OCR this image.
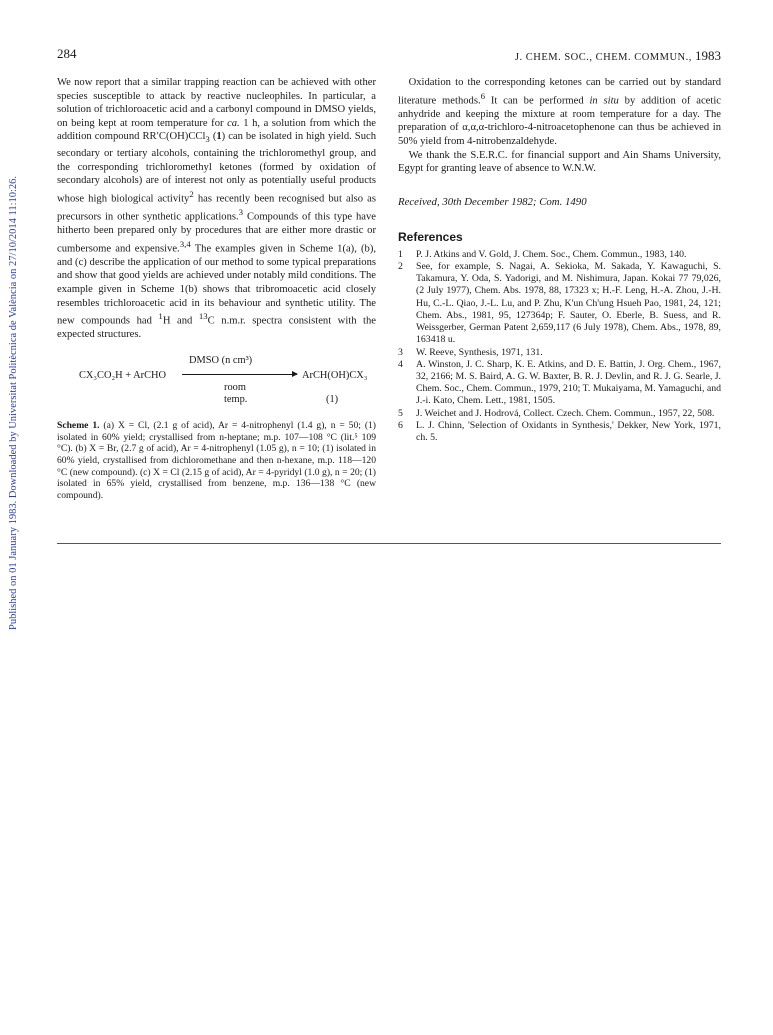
Published on 01 January 1983. Downloaded by Universitat Politècnica de València on 27/10/2014 11:10:26.
284	J. CHEM. SOC., CHEM. COMMUN., 1983

We now report that a similar trapping reaction can be achieved with other species susceptible to attack by reactive nucleophiles. In particular, a solution of trichloroacetic acid and a carbonyl compound in DMSO yields, on being kept at room temperature for ca. 1 h, a solution from which the addition compound RR′C(OH)CCl$_3$ (1) can be isolated in high yield. Such secondary or tertiary alcohols, containing the trichloromethyl group, and the corresponding trichloromethyl ketones (formed by oxidation of secondary alcohols) are of interest not only as potentially useful products whose high biological activity$^2$ has recently been recognised but also as precursors in other synthetic applications.$^3$ Compounds of this type have hitherto been prepared only by procedures that are either more drastic or cumbersome and expensive.$^{3,4}$ The examples given in Scheme 1(a), (b), and (c) describe the application of our method to some typical preparations and show that good yields are achieved under notably mild conditions. The example given in Scheme 1(b) shows that tribromoacetic acid closely resembles trichloroacetic acid in its behaviour and synthetic utility. The new compounds had $^1$H and $^{13}$C n.m.r. spectra consistent with the expected structures.

CX₃CO₂H + ArCHO
DMSO (n cm³)
ArCH(OH)CX₃
room
temp.	(1)
Scheme 1. (a) X = Cl, (2.1 g of acid), Ar = 4-nitrophenyl (1.4 g), n = 50; (1) isolated in 60% yield; crystallised from n-heptane; m.p. 107—108 °C (lit.⁵ 109 °C). (b) X = Br, (2.7 g of acid), Ar = 4-nitrophenyl (1.05 g), n = 10; (1) isolated in 60% yield, crystallised from dichloromethane and then n-hexane, m.p. 118—120 °C (new compound). (c) X = Cl (2.15 g of acid), Ar = 4-pyridyl (1.0 g), n = 20; (1) isolated in 65% yield, crystallised from benzene, m.p. 136—138 °C (new compound).

Oxidation to the corresponding ketones can be carried out by standard literature methods.$^6$ It can be performed in situ by addition of acetic anhydride and keeping the mixture at room temperature for a day. The preparation of α,α,α-trichloro-4-nitroacetophenone can thus be achieved in 50% yield from 4-nitrobenzaldehyde.

We thank the S.E.R.C. for financial support and Ain Shams University, Egypt for granting leave of absence to W.N.W.

Received, 30th December 1982; Com. 1490
References
1 P. J. Atkins and V. Gold, J. Chem. Soc., Chem. Commun., 1983, 140.
2 See, for example, S. Nagai, A. Sekioka, M. Sakada, Y. Kawaguchi, S. Takamura, Y. Oda, S. Yadorigi, and M. Nishimura, Japan. Kokai 77 79,026, (2 July 1977), Chem. Abs. 1978, 88, 17323 x; H.-F. Leng, H.-A. Zhou, J.-H. Hu, C.-L. Qiao, J.-L. Lu, and P. Zhu, K'un Ch'ung Hsueh Pao, 1981, 24, 121; Chem. Abs., 1981, 95, 127364p; F. Sauter, O. Eberle, B. Suess, and R. Weissgerber, German Patent 2,659,117 (6 July 1978), Chem. Abs., 1978, 89, 163418 u.
3 W. Reeve, Synthesis, 1971, 131.
4 A. Winston, J. C. Sharp, K. E. Atkins, and D. E. Battin, J. Org. Chem., 1967, 32, 2166; M. S. Baird, A. G. W. Baxter, B. R. J. Devlin, and R. J. G. Searle, J. Chem. Soc., Chem. Commun., 1979, 210; T. Mukaiyama, M. Yamaguchi, and J.-i. Kato, Chem. Lett., 1981, 1505.
5 J. Weichet and J. Hodrová, Collect. Czech. Chem. Commun., 1957, 22, 508.
6 L. J. Chinn, 'Selection of Oxidants in Synthesis,' Dekker, New York, 1971, ch. 5.
